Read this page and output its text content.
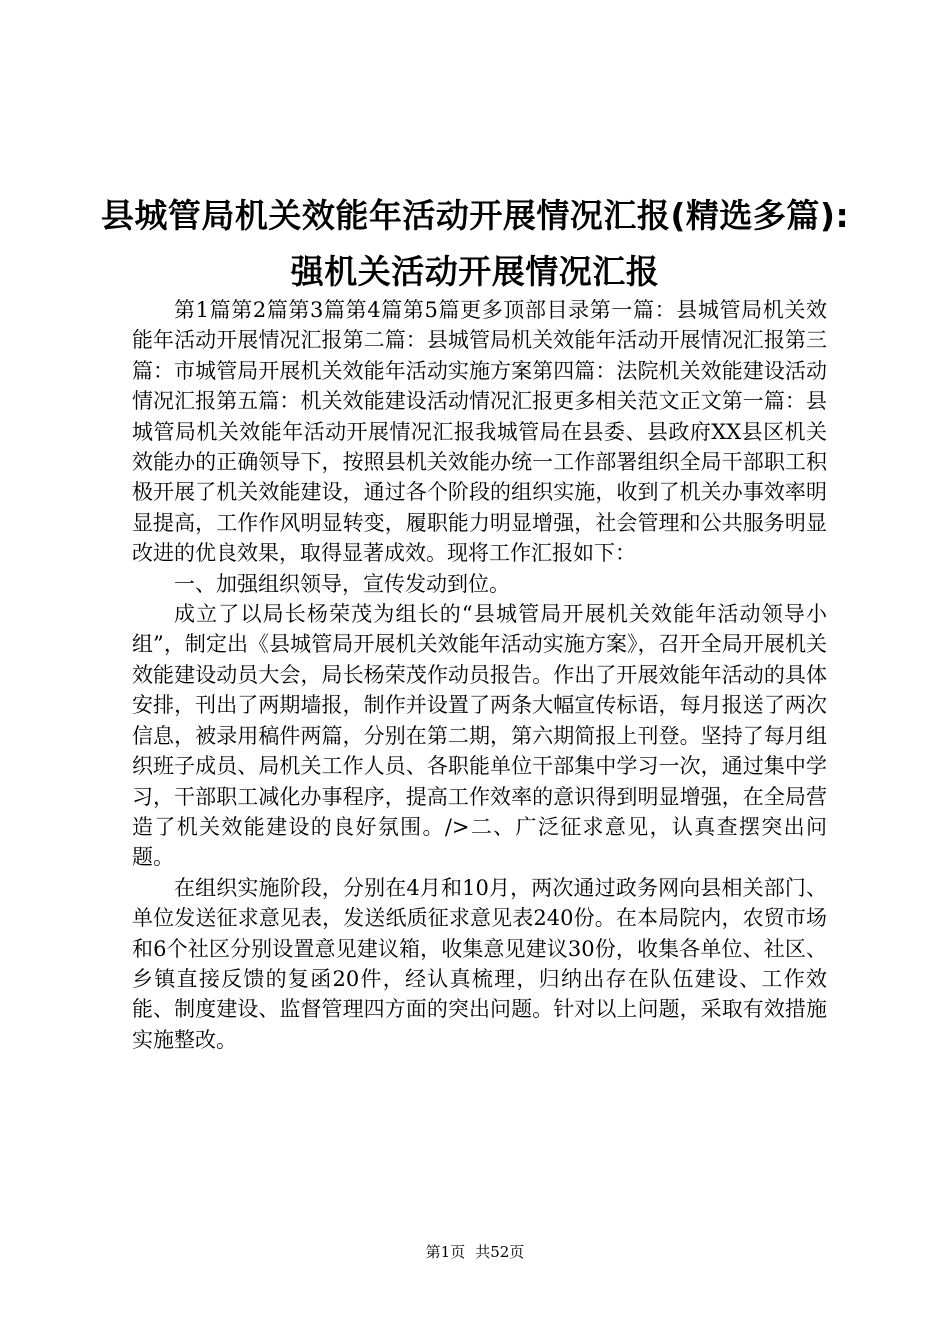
县城管局机关效能年活动开展情况汇报(精选多篇):强机关活动开展情况汇报

第1篇第2篇第3篇第4篇第5篇更多顶部目录第一篇：县城管局机关效能年活动开展情况汇报第二篇：县城管局机关效能年活动开展情况汇报第三篇：市城管局开展机关效能年活动实施方案第四篇：法院机关效能建设活动情况汇报第五篇：机关效能建设活动情况汇报更多相关范文正文第一篇：县城管局机关效能年活动开展情况汇报我城管局在县委、县政府XX县区机关效能办的正确领导下，按照县机关效能办统一工作部署组织全局干部职工积极开展了机关效能建设，通过各个阶段的组织实施，收到了机关办事效率明显提高，工作作风明显转变，履职能力明显增强，社会管理和公共服务明显改进的优良效果，取得显著成效。现将工作汇报如下：

一、加强组织领导，宣传发动到位。

成立了以局长杨荣茂为组长的“县城管局开展机关效能年活动领导小组”，制定出《县城管局开展机关效能年活动实施方案》，召开全局开展机关效能建设动员大会，局长杨荣茂作动员报告。作出了开展效能年活动的具体安排，刊出了两期墙报，制作并设置了两条大幅宣传标语，每月报送了两次信息，被录用稿件两篇，分别在第二期，第六期简报上刊登。坚持了每月组织班子成员、局机关工作人员、各职能单位干部集中学习一次，通过集中学习，干部职工减化办事程序，提高工作效率的意识得到明显增强，在全局营造了机关效能建设的良好氛围。/>二、广泛征求意见，认真查摆突出问题。

在组织实施阶段，分别在4月和10月，两次通过政务网向县相关部门、单位发送征求意见表，发送纸质征求意见表240份。在本局院内，农贸市场和6个社区分别设置意见建议箱，收集意见建议30份，收集各单位、社区、乡镇直接反馈的复函20件，经认真梳理，归纳出存在队伍建设、工作效能、制度建设、监督管理四方面的突出问题。针对以上问题，采取有效措施实施整改。

第1页 共52页
